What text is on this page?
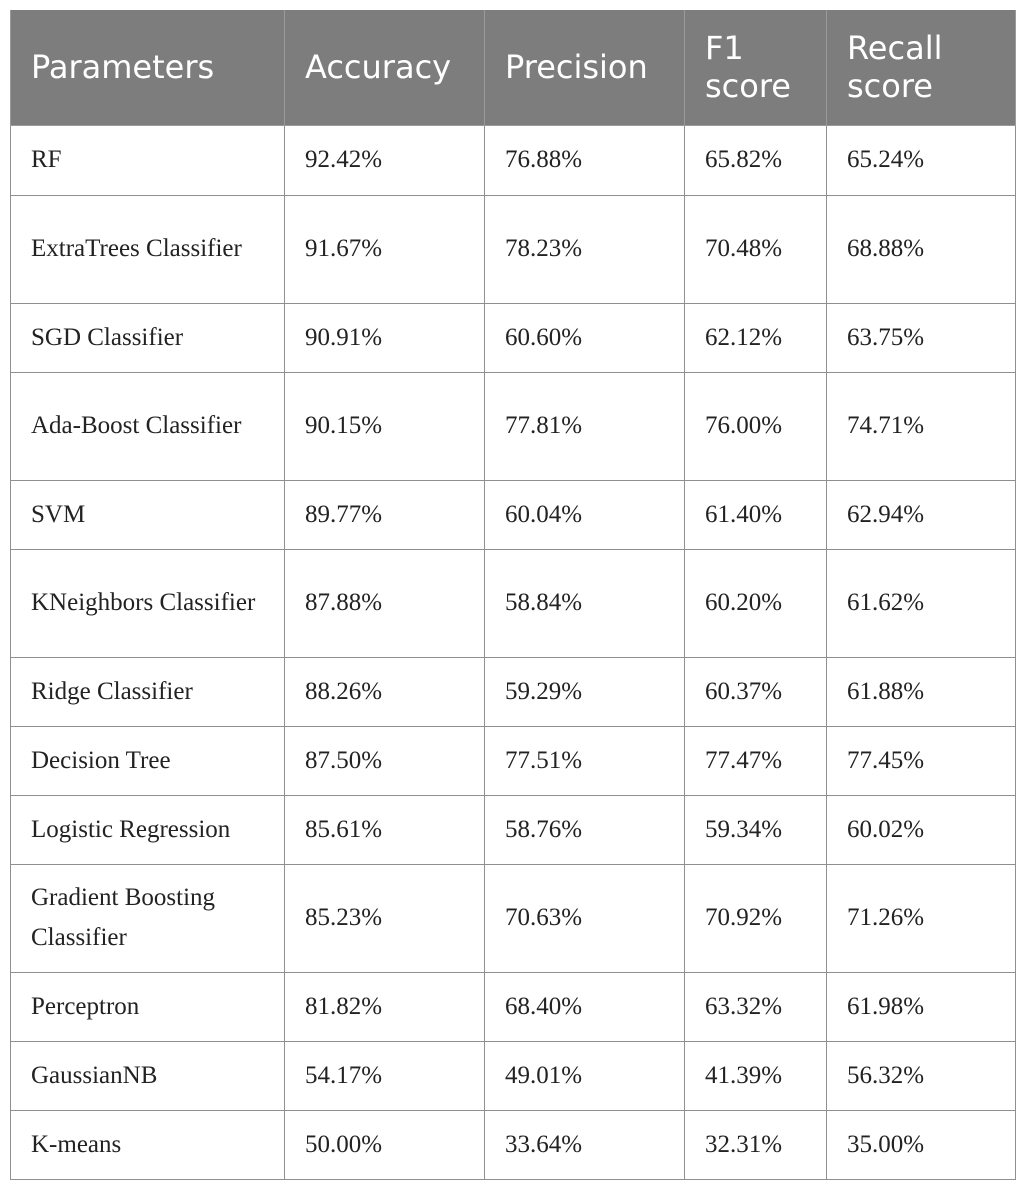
Parameters	Accuracy	Precision	F1 score	Recall score
RF	92.42%	76.88%	65.82%	65.24%
ExtraTrees Classifier	91.67%	78.23%	70.48%	68.88%
SGD Classifier	90.91%	60.60%	62.12%	63.75%
Ada-Boost Classifier	90.15%	77.81%	76.00%	74.71%
SVM	89.77%	60.04%	61.40%	62.94%
KNeighbors Classifier	87.88%	58.84%	60.20%	61.62%
Ridge Classifier	88.26%	59.29%	60.37%	61.88%
Decision Tree	87.50%	77.51%	77.47%	77.45%
Logistic Regression	85.61%	58.76%	59.34%	60.02%
Gradient Boosting Classifier	85.23%	70.63%	70.92%	71.26%
Perceptron	81.82%	68.40%	63.32%	61.98%
GaussianNB	54.17%	49.01%	41.39%	56.32%
K-means	50.00%	33.64%	32.31%	35.00%
